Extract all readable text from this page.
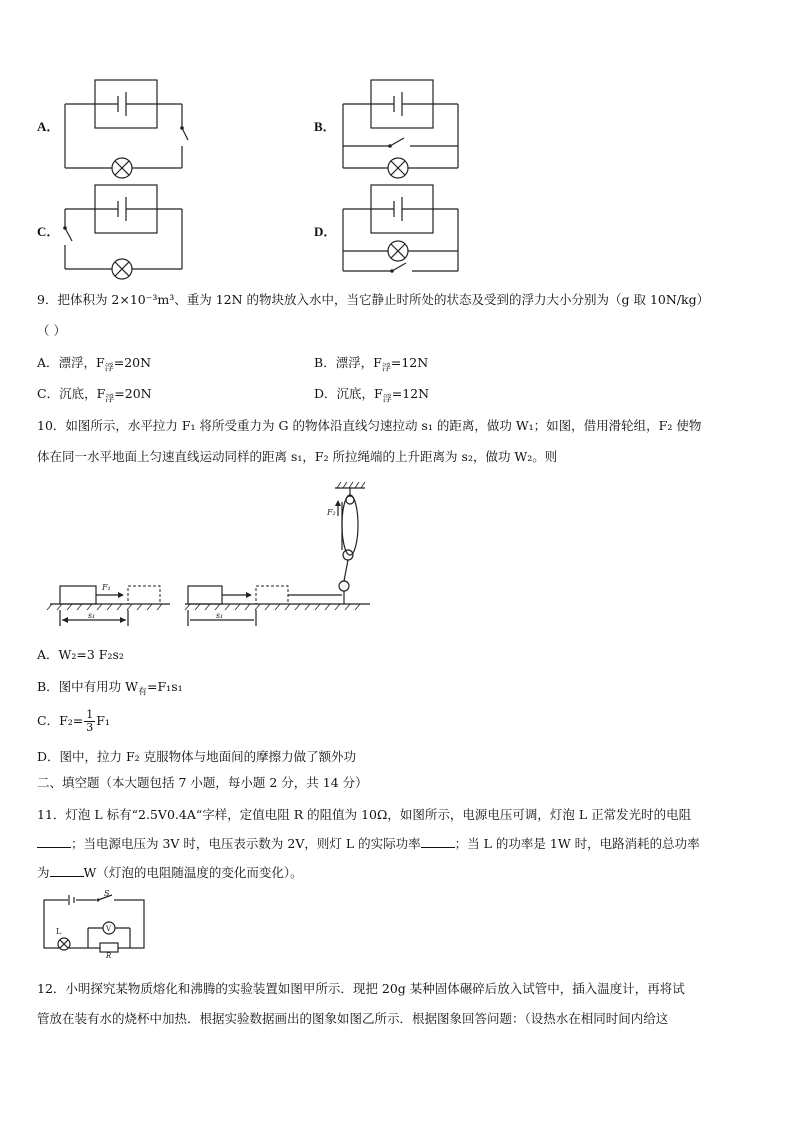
A．	B．
C．	D．
9．把体积为 2×10⁻³m³、重为 12N 的物块放入水中，当它静止时所处的状态及受到的浮力大小分别为（g 取 10N/kg）
（ ）
A．漂浮，$F_浮=20N$	B．漂浮，$F_浮=12N$
C．沉底，$F_浮=20N$	D．沉底，$F_浮=12N$
10．如图所示，水平拉力 F₁ 将所受重力为 G 的物体沿直线匀速拉动 s₁ 的距离，做功 W₁；如图，借用滑轮组，F₂ 使物
体在同一水平地面上匀速直线运动同样的距离 s₁，F₂ 所拉绳端的上升距离为 s₂，做功 W₂。则
F₁
s₁	s₁
F₂
A．W₂=3 F₂s₂
B．图中有用功 $W_有=F_1s_1$
C．$F_2= \frac{1}{3} F_1$
D．图中，拉力 F₂ 克服物体与地面间的摩擦力做了额外功
二、填空题（本大题包括 7 小题，每小题 2 分，共 14 分）
11．灯泡 L 标有“2.5V0.4A“字样，定值电阻 R 的阻值为 10Ω，如图所示，电源电压可调，灯泡 L 正常发光时的电阻
；当电源电压为 3V 时，电压表示数为 2V，则灯 L 的实际功率	；当 L 的功率是 1W 时，电路消耗的总功率
为	W（灯泡的电阻随温度的变化而变化）。
S
L	V
R
12．小明探究某物质熔化和沸腾的实验装置如图甲所示．现把 20g 某种固体碾碎后放入试管中，插入温度计，再将试
管放在装有水的烧杯中加热．根据实验数据画出的图象如图乙所示．根据图象回答问题：（设热水在相同时间内给这
